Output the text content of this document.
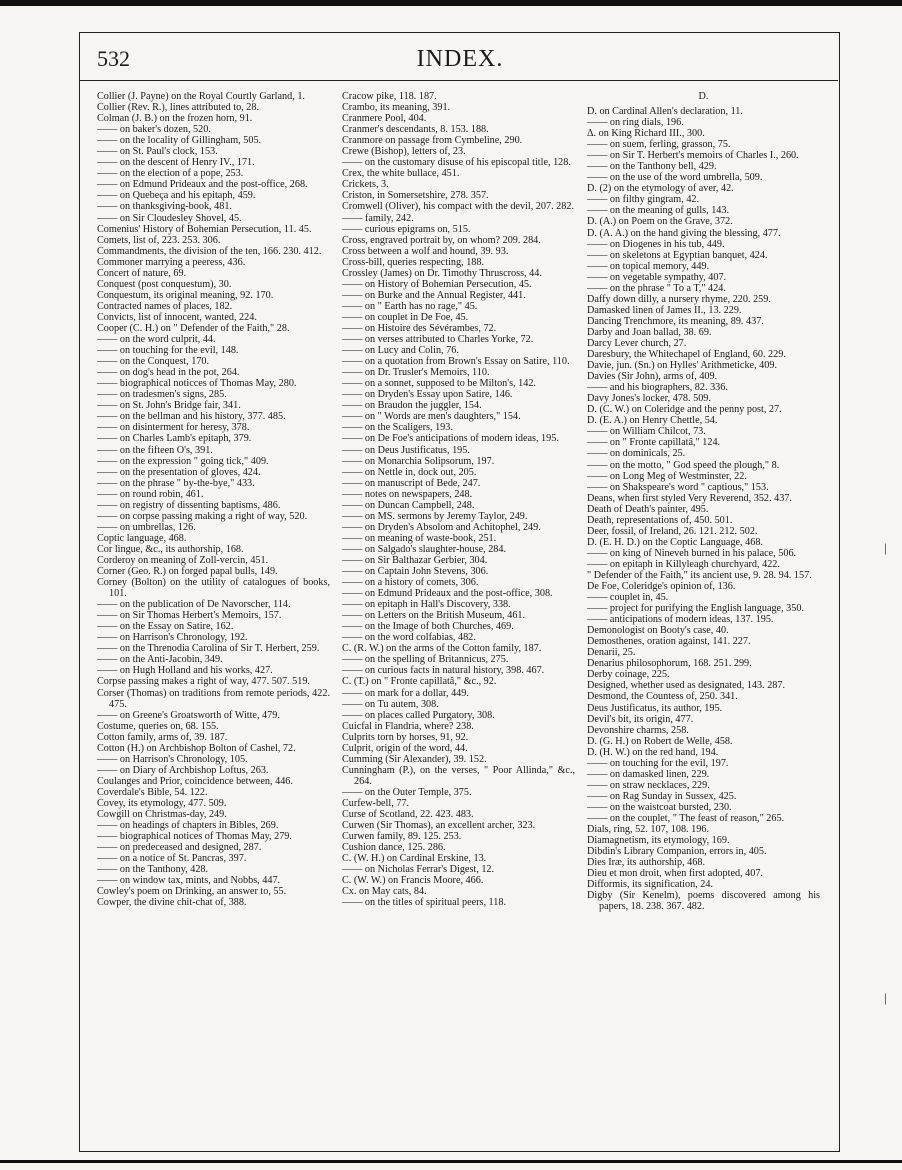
532	INDEX.

Collier (J. Payne) on the Royal Courtly Garland, 1.

Collier (Rev. R.), lines attributed to, 28.

Colman (J. B.) on the frozen horn, 91.

—— on baker's dozen, 520.

—— on the locality of Gillingham, 505.

—— on St. Paul's clock, 153.

—— on the descent of Henry IV., 171.

—— on the election of a pope, 253.

—— on Edmund Prideaux and the post-office, 268.

—— on Quebeça and his epitaph, 459.

—— on thanksgiving-book, 481.

—— on Sir Cloudesley Shovel, 45.

Comenius' History of Bohemian Persecution, 11. 45.

Comets, list of, 223. 253. 306.

Commandments, the division of the ten, 166. 230. 412.

Commoner marrying a peeress, 436.

Concert of nature, 69.

Conquest (post conquestum), 30.

Conquestum, its original meaning, 92. 170.

Contracted names of places, 182.

Convicts, list of innocent, wanted, 224.

Cooper (C. H.) on " Defender of the Faith," 28.

—— on the word culprit, 44.

—— on touching for the evil, 148.

—— on the Conquest, 170.

—— on dog's head in the pot, 264.

—— biographical noticces of Thomas May, 280.

—— on tradesmen's signs, 285.

—— on St. John's Bridge fair, 341.

—— on the bellman and his history, 377. 485.

—— on disinterment for heresy, 378.

—— on Charles Lamb's epitaph, 379.

—— on the fifteen O's, 391.

—— on the expression " going tick," 409.

—— on the presentation of gloves, 424.

—— on the phrase " by-the-bye," 433.

—— on round robin, 461.

—— on registry of dissenting baptisms, 486.

—— on corpse passing making a right of way, 520.

—— on umbrellas, 126.

Coptic language, 468.

Cor lingue, &c., its authorship, 168.

Corderoy on meaning of Zoll-vercin, 451.

Corner (Geo. R.) on forged papal bulls, 149.

Corney (Bolton) on the utility of catalogues of books, 101.

—— on the publication of De Navorscher, 114.

—— on Sir Thomas Herbert's Memoirs, 157.

—— on the Essay on Satire, 162.

—— on Harrison's Chronology, 192.

—— on the Threnodia Carolina of Sir T. Herbert, 259.

—— on the Anti-Jacobin, 349.

—— on Hugh Holland and his works, 427.

Corpse passing makes a right of way, 477. 507. 519.

Corser (Thomas) on traditions from remote periods, 422. 475.

—— on Greene's Groatsworth of Witte, 479.

Costume, queries on, 68. 155.

Cotton family, arms of, 39. 187.

Cotton (H.) on Archbishop Bolton of Cashel, 72.

—— on Harrison's Chronology, 105.

—— on Diary of Archbishop Loftus, 263.

Coulanges and Prior, coincidence between, 446.

Coverdale's Bible, 54. 122.

Covey, its etymology, 477. 509.

Cowgill on Christmas-day, 249.

—— on headings of chapters in Bibles, 269.

—— biographical notices of Thomas May, 279.

—— on predeceased and designed, 287.

—— on a notice of St. Pancras, 397.

—— on the Tanthony, 428.

—— on window tax, mints, and Nobbs, 447.

Cowley's poem on Drinking, an answer to, 55.

Cowper, the divine chit-chat of, 388.

Cracow pike, 118. 187.

Crambo, its meaning, 391.

Cranmere Pool, 404.

Cranmer's descendants, 8. 153. 188.

Cranmore on passage from Cymbeline, 290.

Crewe (Bishop), letters of, 23.

—— on the customary disuse of his episcopal title, 128.

Crex, the white bullace, 451.

Crickets, 3.

Criston, in Somersetshire, 278. 357.

Cromwell (Oliver), his compact with the devil, 207. 282.

—— family, 242.

—— curious epigrams on, 515.

Cross, engraved portrait by, on whom? 209. 284.

Cross between a wolf and hound, 39. 93.

Cross-bill, queries respecting, 188.

Crossley (James) on Dr. Timothy Thruscross, 44.

—— on History of Bohemian Persecution, 45.

—— on Burke and the Annual Register, 441.

—— on " Earth has no rage," 45.

—— on couplet in De Foe, 45.

—— on Histoire des Sévérambes, 72.

—— on verses attributed to Charles Yorke, 72.

—— on Lucy and Colin, 76.

—— on a quotation from Brown's Essay on Satire, 110.

—— on Dr. Trusler's Memoirs, 110.

—— on a sonnet, supposed to be Milton's, 142.

—— on Dryden's Essay upon Satire, 146.

—— on Braudon the juggler, 154.

—— on " Words are men's daughters," 154.

—— on the Scaligers, 193.

—— on De Foe's anticipations of modern ideas, 195.

—— on Deus Justificatus, 195.

—— on Monarchia Solipsorum, 197.

—— on Nettle in, dock out, 205.

—— on manuscript of Bede, 247.

—— notes on newspapers, 248.

—— on Duncan Campbell, 248.

—— on MS. sermons by Jeremy Taylor, 249.

—— on Dryden's Absolom and Achitophel, 249.

—— on meaning of waste-book, 251.

—— on Salgado's slaughter-house, 284.

—— on Sir Balthazar Gerbier, 304.

—— on Captain John Stevens, 306.

—— on a history of comets, 306.

—— on Edmund Prideaux and the post-office, 308.

—— on epitaph in Hall's Discovery, 338.

—— on Letters on the British Museum, 461.

—— on the Image of both Churches, 469.

—— on the word colfabias, 482.

C. (R. W.) on the arms of the Cotton family, 187.

—— on the spelling of Britannicus, 275.

—— on curious facts in natural history, 398. 467.

C. (T.) on " Fronte capillatâ," &c., 92.

—— on mark for a dollar, 449.

—— on Tu autem, 308.

—— on places called Purgatory, 308.

Cuicfal in Flandria, where? 238.

Culprits torn by horses, 91, 92.

Culprit, origin of the word, 44.

Cumming (Sir Alexander), 39. 152.

Cunningham (P.), on the verses, " Poor Allinda," &c., 264.

—— on the Outer Temple, 375.

Curfew-bell, 77.

Curse of Scotland, 22. 423. 483.

Curwen (Sir Thomas), an excellent archer, 323.

Curwen family, 89. 125. 253.

Cushion dance, 125. 286.

C. (W. H.) on Cardinal Erskine, 13.

—— on Nicholas Ferrar's Digest, 12.

C. (W. W.) on Francis Moore, 466.

Cx. on May cats, 84.

—— on the titles of spiritual peers, 118.

D.

D. on Cardinal Allen's declaration, 11.

—— on ring dials, 196.

Δ. on King Richard III., 300.

—— on suem, ferling, grasson, 75.

—— on Sir T. Herbert's memoirs of Charles I., 260.

—— on the Tanthony bell, 429.

—— on the use of the word umbrella, 509.

D. (2) on the etymology of aver, 42.

—— on filthy gingram, 42.

—— on the meaning of gulls, 143.

D. (A.) on Poem on the Grave, 372.

D. (A. A.) on the hand giving the blessing, 477.

—— on Diogenes in his tub, 449.

—— on skeletons at Egyptian banquet, 424.

—— on topical memory, 449.

—— on vegetable sympathy, 407.

—— on the phrase " To a T," 424.

Daffy down dilly, a nursery rhyme, 220. 259.

Damasked linen of James II., 13. 229.

Dancing Trenchmore, its meaning, 89. 437.

Darby and Joan ballad, 38. 69.

Darcy Lever church, 27.

Daresbury, the Whitechapel of England, 60. 229.

Davie, jun. (Sn.) on Hylles' Arithmeticke, 409.

Davies (Sir John), arms of, 409.

—— and his biographers, 82. 336.

Davy Jones's locker, 478. 509.

D. (C. W.) on Coleridge and the penny post, 27.

D. (E. A.) on Henry Chettle, 54.

—— on William Chilcot, 73.

—— on " Fronte capillatâ," 124.

—— on dominicals, 25.

—— on the motto, " God speed the plough," 8.

—— on Long Meg of Westminster, 22.

—— on Shakspeare's word " captious," 153.

Deans, when first styled Very Reverend, 352. 437.

Death of Death's painter, 495.

Death, representations of, 450. 501.

Deer, fossil, of Ireland, 26. 121. 212. 502.

D. (E. H. D.) on the Coptic Language, 468.

—— on king of Nineveh burned in his palace, 506.

—— on epitaph in Killyleagh churchyard, 422.

" Defender of the Faith," its ancient use, 9. 28. 94. 157.

De Foe, Coleridge's opinion of, 136.

—— couplet in, 45.

—— project for purifying the English language, 350.

—— anticipations of modern ideas, 137. 195.

Demonologist on Booty's case, 40.

Demosthenes, oration against, 141. 227.

Denarii, 25.

Denarius philosophorum, 168. 251. 299.

Derby coinage, 225.

Designed, whether used as designated, 143. 287.

Desmond, the Countess of, 250. 341.

Deus Justificatus, its author, 195.

Devil's bit, its origin, 477.

Devonshire charms, 258.

D. (G. H.) on Robert de Welle, 458.

D. (H. W.) on the red hand, 194.

—— on touching for the evil, 197.

—— on damasked linen, 229.

—— on straw necklaces, 229.

—— on Rag Sunday in Sussex, 425.

—— on the waistcoat bursted, 230.

—— on the couplet, " The feast of reason," 265.

Dials, ring, 52. 107, 108. 196.

Diamagnetism, its etymology, 169.

Dibdin's Library Companion, errors in, 405.

Dies Iræ, its authorship, 468.

Dieu et mon droit, when first adopted, 407.

Difformis, its signification, 24.

Digby (Sir Kenelm), poems discovered among his papers, 18. 238. 367. 482.

|
|
